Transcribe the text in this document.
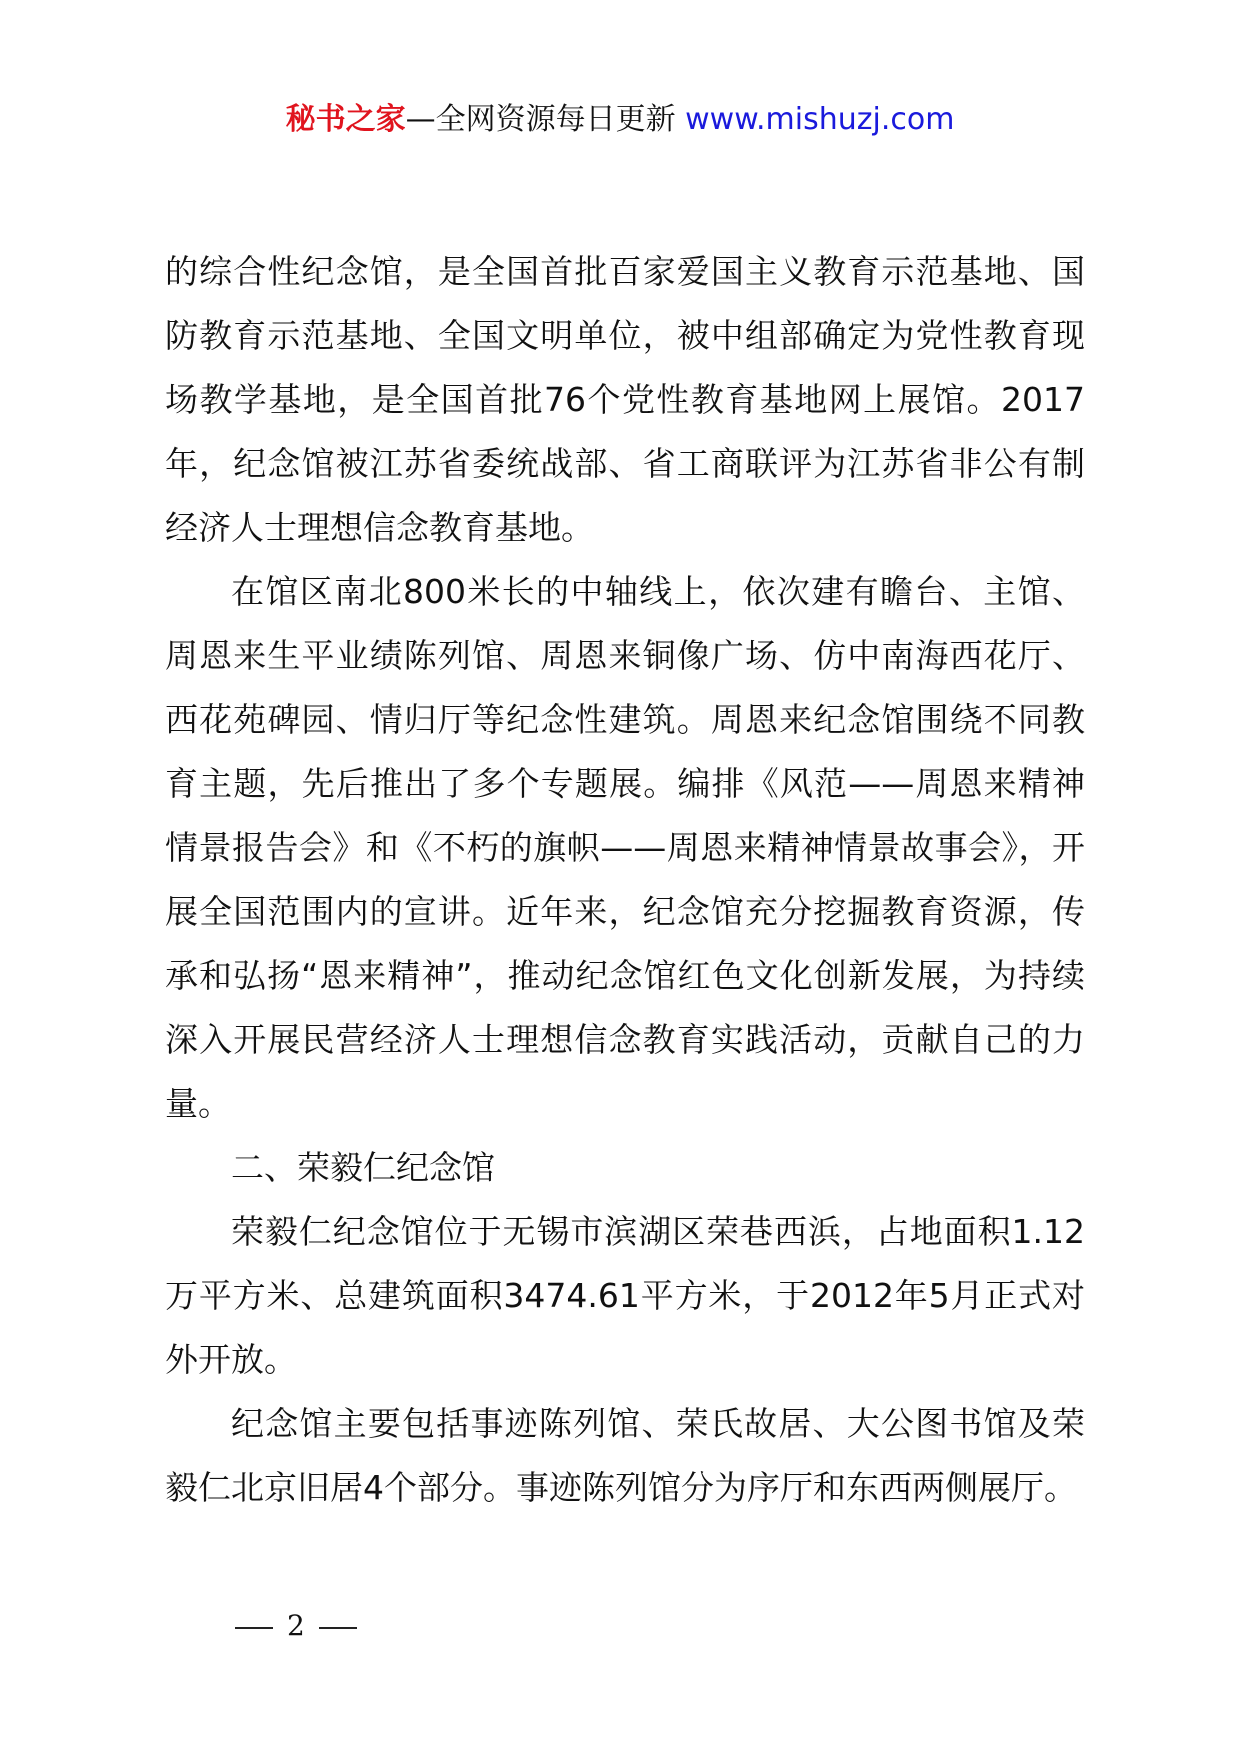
秘书之家—全网资源每日更新 www.mishuzj.com

的综合性纪念馆，是全国首批百家爱国主义教育示范基地、国防教育示范基地、全国文明单位，被中组部确定为党性教育现场教学基地，是全国首批76个党性教育基地网上展馆。2017年，纪念馆被江苏省委统战部、省工商联评为江苏省非公有制经济人士理想信念教育基地。

在馆区南北800米长的中轴线上，依次建有瞻台、主馆、周恩来生平业绩陈列馆、周恩来铜像广场、仿中南海西花厅、西花苑碑园、情归厅等纪念性建筑。周恩来纪念馆围绕不同教育主题，先后推出了多个专题展。编排《风范——周恩来精神情景报告会》和《不朽的旗帜——周恩来精神情景故事会》，开展全国范围内的宣讲。近年来，纪念馆充分挖掘教育资源，传承和弘扬“恩来精神”，推动纪念馆红色文化创新发展，为持续深入开展民营经济人士理想信念教育实践活动，贡献自己的力量。

二、荣毅仁纪念馆

荣毅仁纪念馆位于无锡市滨湖区荣巷西浜，占地面积1.12万平方米、总建筑面积3474.61平方米，于2012年5月正式对外开放。

纪念馆主要包括事迹陈列馆、荣氏故居、大公图书馆及荣毅仁北京旧居4个部分。事迹陈列馆分为序厅和东西两侧展厅。

2
